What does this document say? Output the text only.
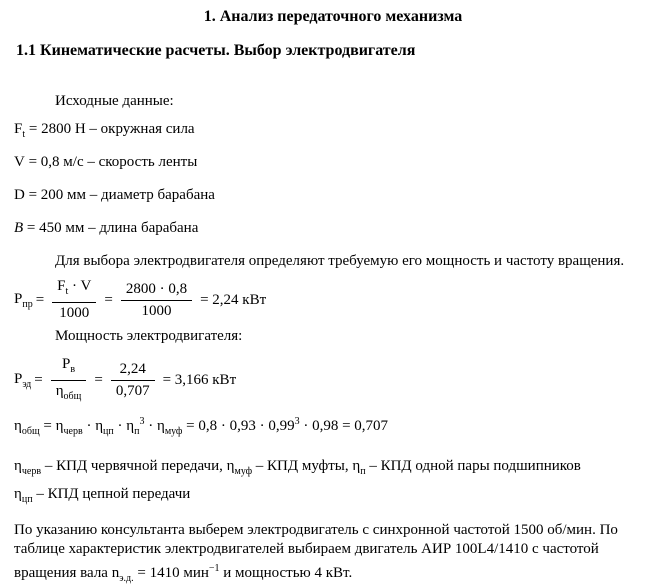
1. Анализ передаточного механизма
1.1 Кинематические расчеты. Выбор электродвигателя
Исходные данные:
$F_t = 2800$ Н – окружная сила
V = 0,8 м/с – скорость ленты
D = 200 мм – диаметр барабана
B = 450 мм – длина барабана
Для выбора электродвигателя определяют требуемую его мощность и частоту вращения.
$P_{пр} = \frac{F_t \cdot V}{1000} = \frac{2800 \cdot 0,8}{1000} = 2,24$ кВт
Мощность электродвигателя:
$P_{эд} = \frac{P_в}{\eta_{общ}} = \frac{2,24}{0,707} = 3,166$ кВт
$\eta_{общ} = \eta_{черв} \cdot \eta_{цп} \cdot \eta_п^3 \cdot \eta_{муф} = 0,8 \cdot 0,93 \cdot 0,99^3 \cdot 0,98 = 0,707$
$\eta_{черв}$ – КПД червячной передачи, $\eta_{муф}$ – КПД муфты, $\eta_п$ – КПД одной пары подшипников
$\eta_{цп}$ – КПД цепной передачи
По указанию консультанта выберем электродвигатель с синхронной частотой 1500 об/мин. По таблице характеристик электродвигателей выбираем двигатель АИР 100L4/1410 с частотой вращения вала $n_{э.д.} = 1410$ мин$^{-1}$ и мощностью 4 кВт.
